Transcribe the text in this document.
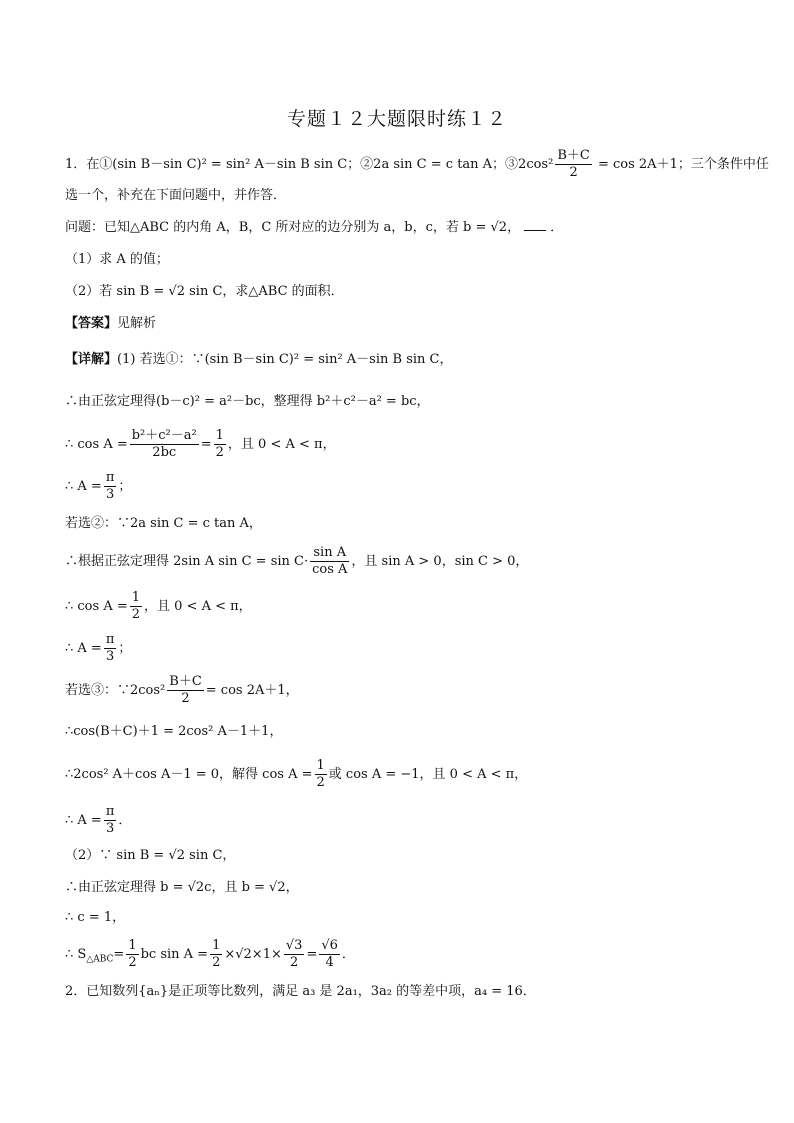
专题１２大题限时练１２
1．在①(sin B－sin C)² = sin² A－sin B sin C；②2a sin C = c tan A；③2cos² $\frac{B+C}{2} = \cos 2A+1$；三个条件中任
选一个，补充在下面问题中，并作答．
问题：已知△ABC 的内角 A，B，C 所对应的边分别为 a，b，c，若 b = √2， ．
（1）求 A 的值；
（2）若 sin B = √2 sin C，求△ABC 的面积．
【答案】见解析
【详解】(1) 若选①：∵(sin B－sin C)² = sin² A－sin B sin C，
∴由正弦定理得(b－c)² = a²－bc，整理得 b²＋c²－a² = bc，
∴ $\cos A = \frac{\text{b²＋c²－a²}}{2bc} = \frac{1}{2}$ ，且 0 < A < π，
∴ $A = \frac{\pi}{3}$ ；
若选②：∵2a sin C = c tan A，
∴根据正弦定理得 2sin A $\sin C = \sin C\cdot \frac{\text{sin A}}{\text{cos A}}$ ，且 sin A > 0，sin C > 0，
∴ $\cos A = \frac{1}{2}$ ，且 0 < A < π，
∴ $A = \frac{\pi}{3}$ ；
若选③：∵2cos² $\frac{B+C}{2} = \cos 2A+1$，
∴cos(B＋C)＋1 = 2cos² A－1＋1，
∴2cos² A＋cos A－1 = 0，解得 $\cos A = \frac{1}{2}$ 或 cos A = −1，且 0 < A < π，
∴ $A = \frac{\pi}{3}$ ．
（2）∵ sin B = √2 sin C，
∴由正弦定理得 b = √2c，且 b = √2，
∴ c = 1，
∴ $S_{\triangle ABC}= \frac{1}{2}$ bc $\sin A = \frac{1}{2} \times√2\times 1\times \frac{√3}{2} = \frac{√6}{4}$ ．
2．已知数列{aₙ}是正项等比数列，满足 a₃ 是 2a₁，3a₂ 的等差中项，a₄ = 16．
